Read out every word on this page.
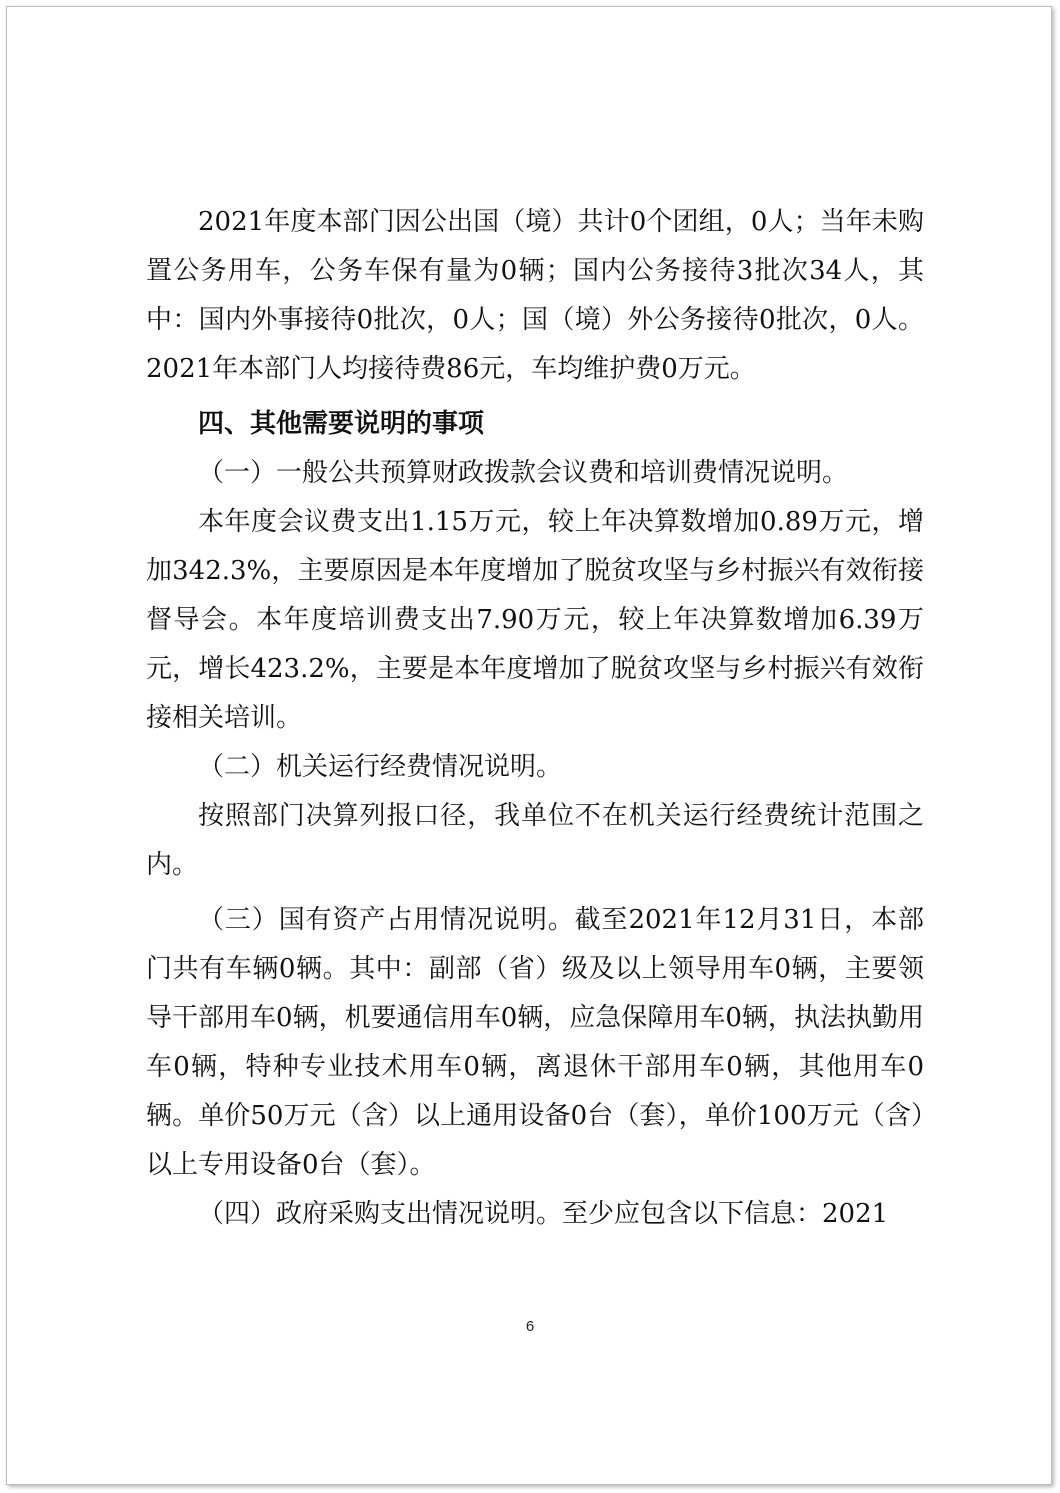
2021年度本部门因公出国（境）共计0个团组，0人；当年未购置公务用车，公务车保有量为0辆；国内公务接待3批次34人，其中：国内外事接待0批次，0人；国（境）外公务接待0批次，0人。2021年本部门人均接待费86元，车均维护费0万元。

四、其他需要说明的事项

（一）一般公共预算财政拨款会议费和培训费情况说明。

本年度会议费支出1.15万元，较上年决算数增加0.89万元，增加342.3%，主要原因是本年度增加了脱贫攻坚与乡村振兴有效衔接督导会。本年度培训费支出7.90万元，较上年决算数增加6.39万元，增长423.2%，主要是本年度增加了脱贫攻坚与乡村振兴有效衔接相关培训。

（二）机关运行经费情况说明。

按照部门决算列报口径，我单位不在机关运行经费统计范围之内。

（三）国有资产占用情况说明。截至2021年12月31日，本部门共有车辆0辆。其中：副部（省）级及以上领导用车0辆，主要领导干部用车0辆，机要通信用车0辆，应急保障用车0辆，执法执勤用车0辆，特种专业技术用车0辆，离退休干部用车0辆，其他用车0辆。单价50万元（含）以上通用设备0台（套），单价100万元（含）以上专用设备0台（套）。

（四）政府采购支出情况说明。至少应包含以下信息：2021

6
